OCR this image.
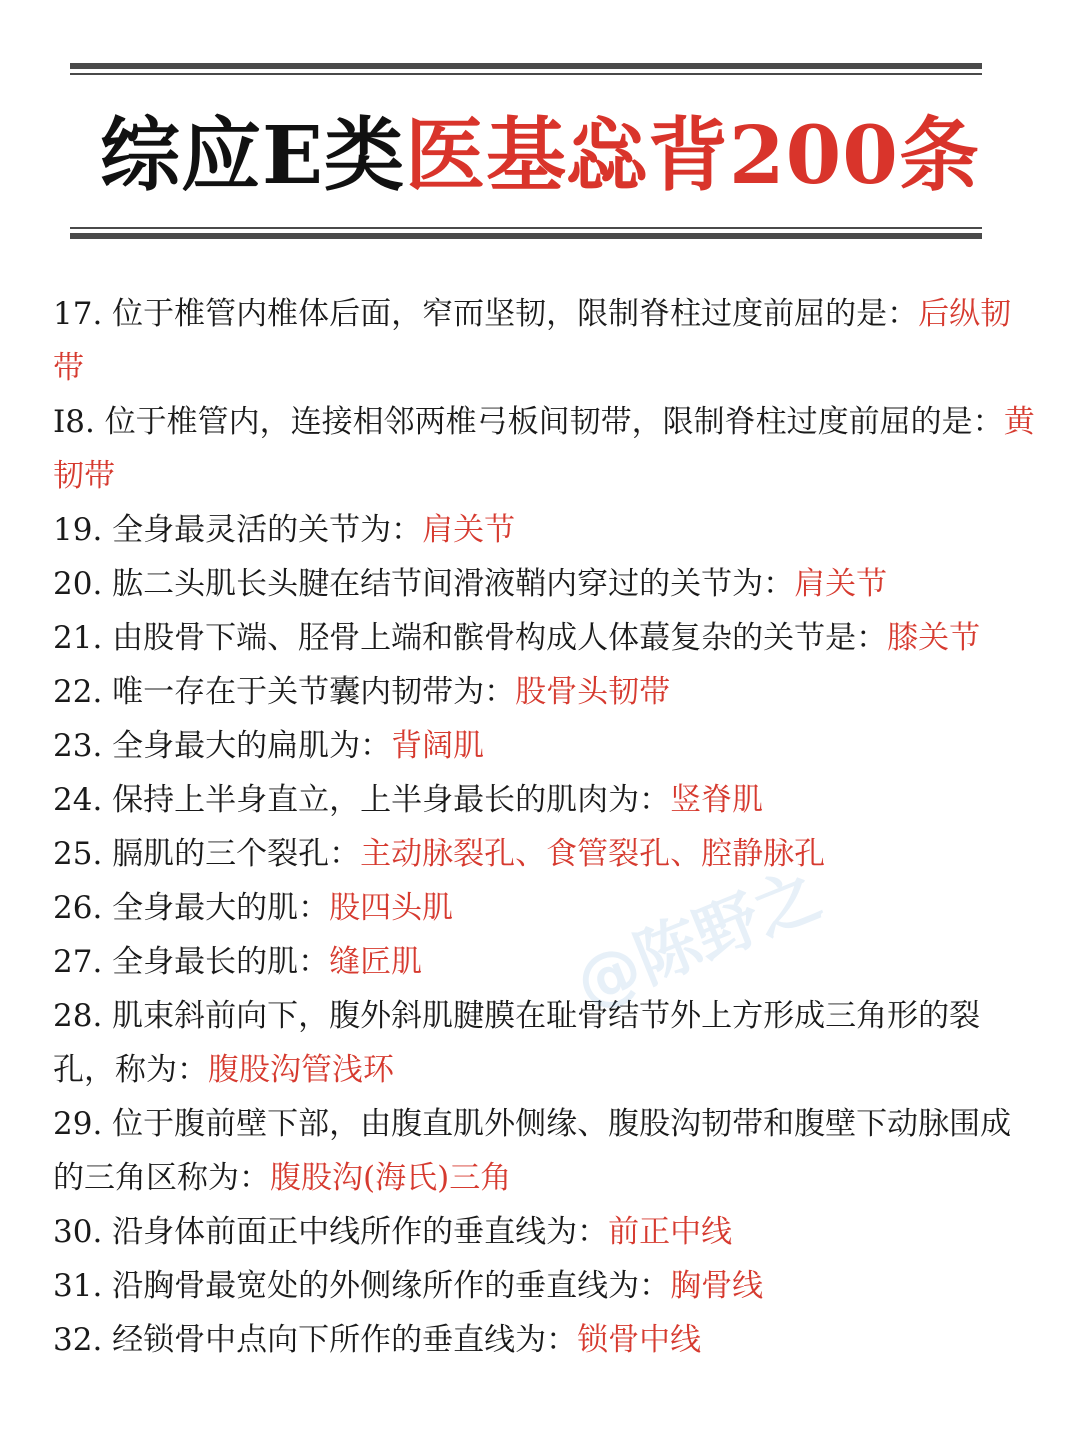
综应E类医基惢背200条
17. 位于椎管内椎体后面，窄而坚韧，限制脊柱过度前屈的是：后纵韧带
I8. 位于椎管内，连接相邻两椎弓板间韧带，限制脊柱过度前屈的是：黄韧带
19. 全身最灵活的关节为：肩关节
20. 肱二头肌长头腱在结节间滑液鞘内穿过的关节为：肩关节
21. 由股骨下端、胫骨上端和髌骨构成人体蕞复杂的关节是：膝关节
22. 唯一存在于关节囊内韧带为：股骨头韧带
23. 全身最大的扁肌为：背阔肌
24. 保持上半身直立，上半身最长的肌肉为：竖脊肌
25. 膈肌的三个裂孔：主动脉裂孔、食管裂孔、腔静脉孔
26. 全身最大的肌：股四头肌
27. 全身最长的肌：缝匠肌
28. 肌束斜前向下，腹外斜肌腱膜在耻骨结节外上方形成三角形的裂孔，称为：腹股沟管浅环
29. 位于腹前壁下部，由腹直肌外侧缘、腹股沟韧带和腹壁下动脉围成的三角区称为：腹股沟(海氏)三角
30. 沿身体前面正中线所作的垂直线为：前正中线
31. 沿胸骨最宽处的外侧缘所作的垂直线为：胸骨线
32. 经锁骨中点向下所作的垂直线为：锁骨中线
@陈野之
